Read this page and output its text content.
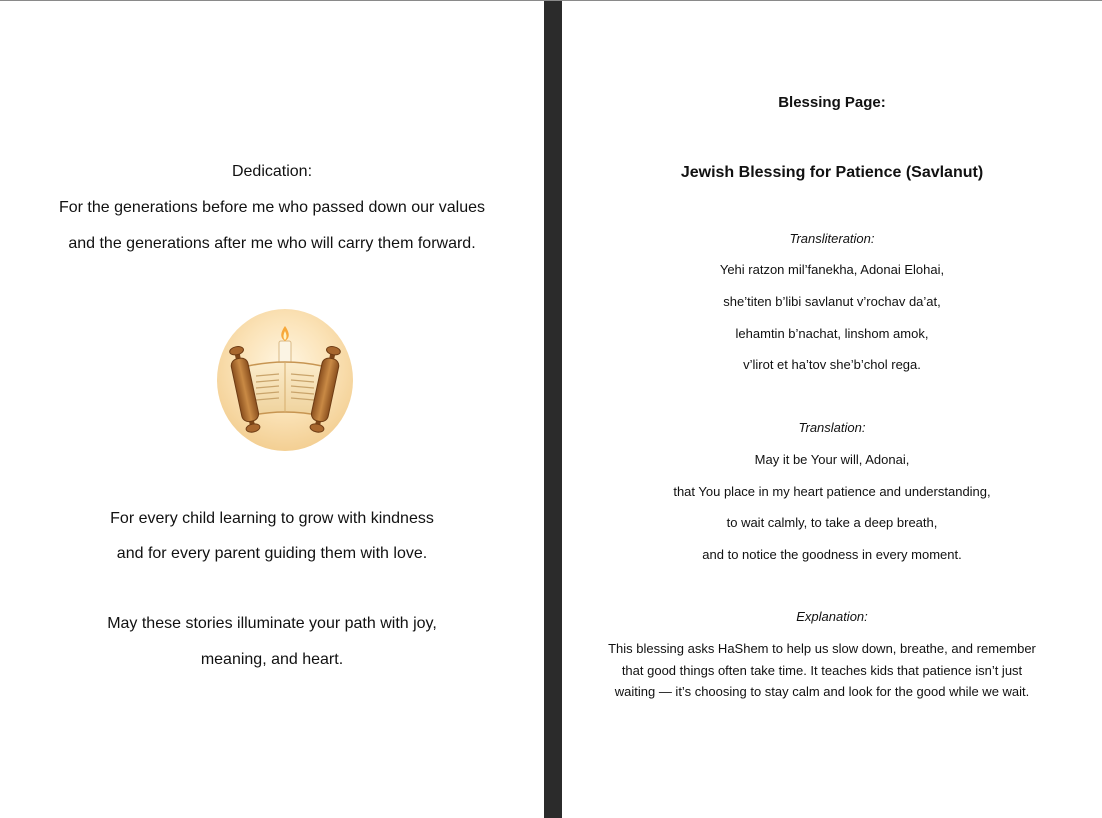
Dedication:
For the generations before me who passed down our values
and the generations after me who will carry them forward.
For every child learning to grow with kindness
and for every parent guiding them with love.
May these stories illuminate your path with joy,
meaning, and heart.
Blessing Page:
Jewish Blessing for Patience (Savlanut)
Transliteration:
Yehi ratzon mil’fanekha, Adonai Elohai,
she’titen b’libi savlanut v’rochav da’at,
lehamtin b’nachat, linshom amok,
v’lirot et ha’tov she’b’chol rega.
Translation:
May it be Your will, Adonai,
that You place in my heart patience and understanding,
to wait calmly, to take a deep breath,
and to notice the goodness in every moment.
Explanation:
This blessing asks HaShem to help us slow down, breathe, and remember that good things often take time. It teaches kids that patience isn’t just waiting — it’s choosing to stay calm and look for the good while we wait.
